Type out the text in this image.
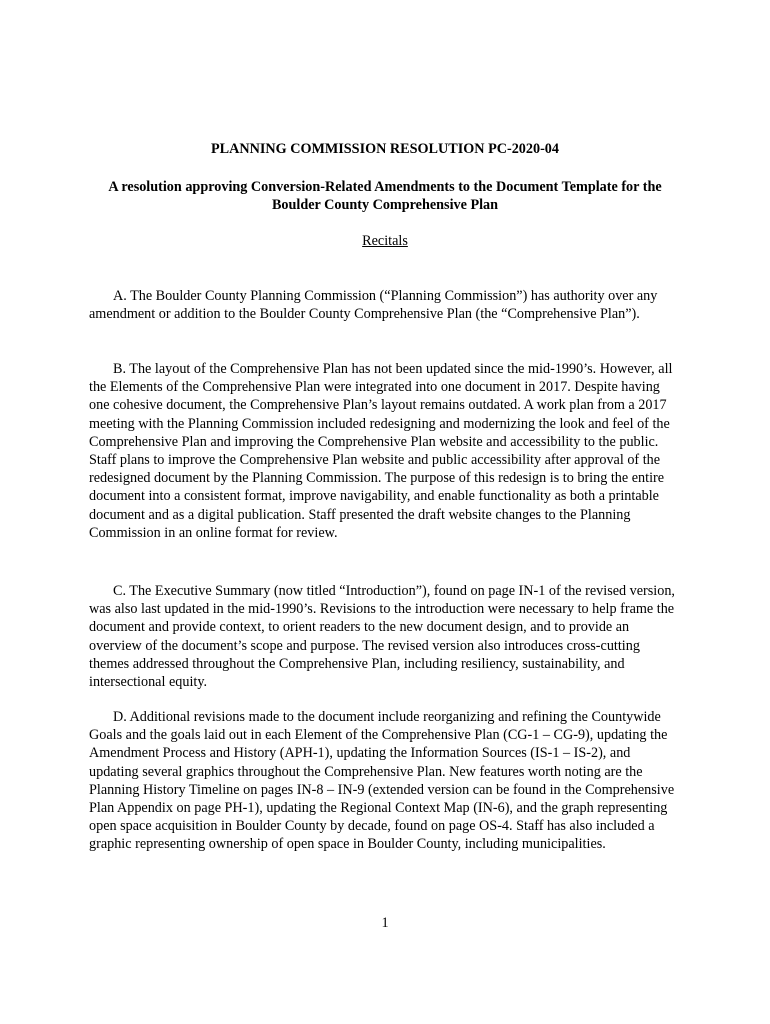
PLANNING COMMISSION RESOLUTION PC-2020-04
A resolution approving Conversion-Related Amendments to the Document Template for the Boulder County Comprehensive Plan
Recitals

A. The Boulder County Planning Commission (“Planning Commission”) has authority over any amendment or addition to the Boulder County Comprehensive Plan (the “Comprehensive Plan”).

B. The layout of the Comprehensive Plan has not been updated since the mid-1990’s. However, all the Elements of the Comprehensive Plan were integrated into one document in 2017. Despite having one cohesive document, the Comprehensive Plan’s layout remains outdated. A work plan from a 2017 meeting with the Planning Commission included redesigning and modernizing the look and feel of the Comprehensive Plan and improving the Comprehensive Plan website and accessibility to the public. Staff plans to improve the Comprehensive Plan website and public accessibility after approval of the redesigned document by the Planning Commission. The purpose of this redesign is to bring the entire document into a consistent format, improve navigability, and enable functionality as both a printable document and as a digital publication. Staff presented the draft website changes to the Planning Commission in an online format for review.

C. The Executive Summary (now titled “Introduction”), found on page IN-1 of the revised version, was also last updated in the mid-1990’s. Revisions to the introduction were necessary to help frame the document and provide context, to orient readers to the new document design, and to provide an overview of the document’s scope and purpose. The revised version also introduces cross-cutting themes addressed throughout the Comprehensive Plan, including resiliency, sustainability, and intersectional equity.

D. Additional revisions made to the document include reorganizing and refining the Countywide Goals and the goals laid out in each Element of the Comprehensive Plan (CG-1 – CG-9), updating the Amendment Process and History (APH-1), updating the Information Sources (IS-1 – IS-2), and updating several graphics throughout the Comprehensive Plan. New features worth noting are the Planning History Timeline on pages IN-8 – IN-9 (extended version can be found in the Comprehensive Plan Appendix on page PH-1), updating the Regional Context Map (IN-6), and the graph representing open space acquisition in Boulder County by decade, found on page OS-4. Staff has also included a graphic representing ownership of open space in Boulder County, including municipalities.

1
